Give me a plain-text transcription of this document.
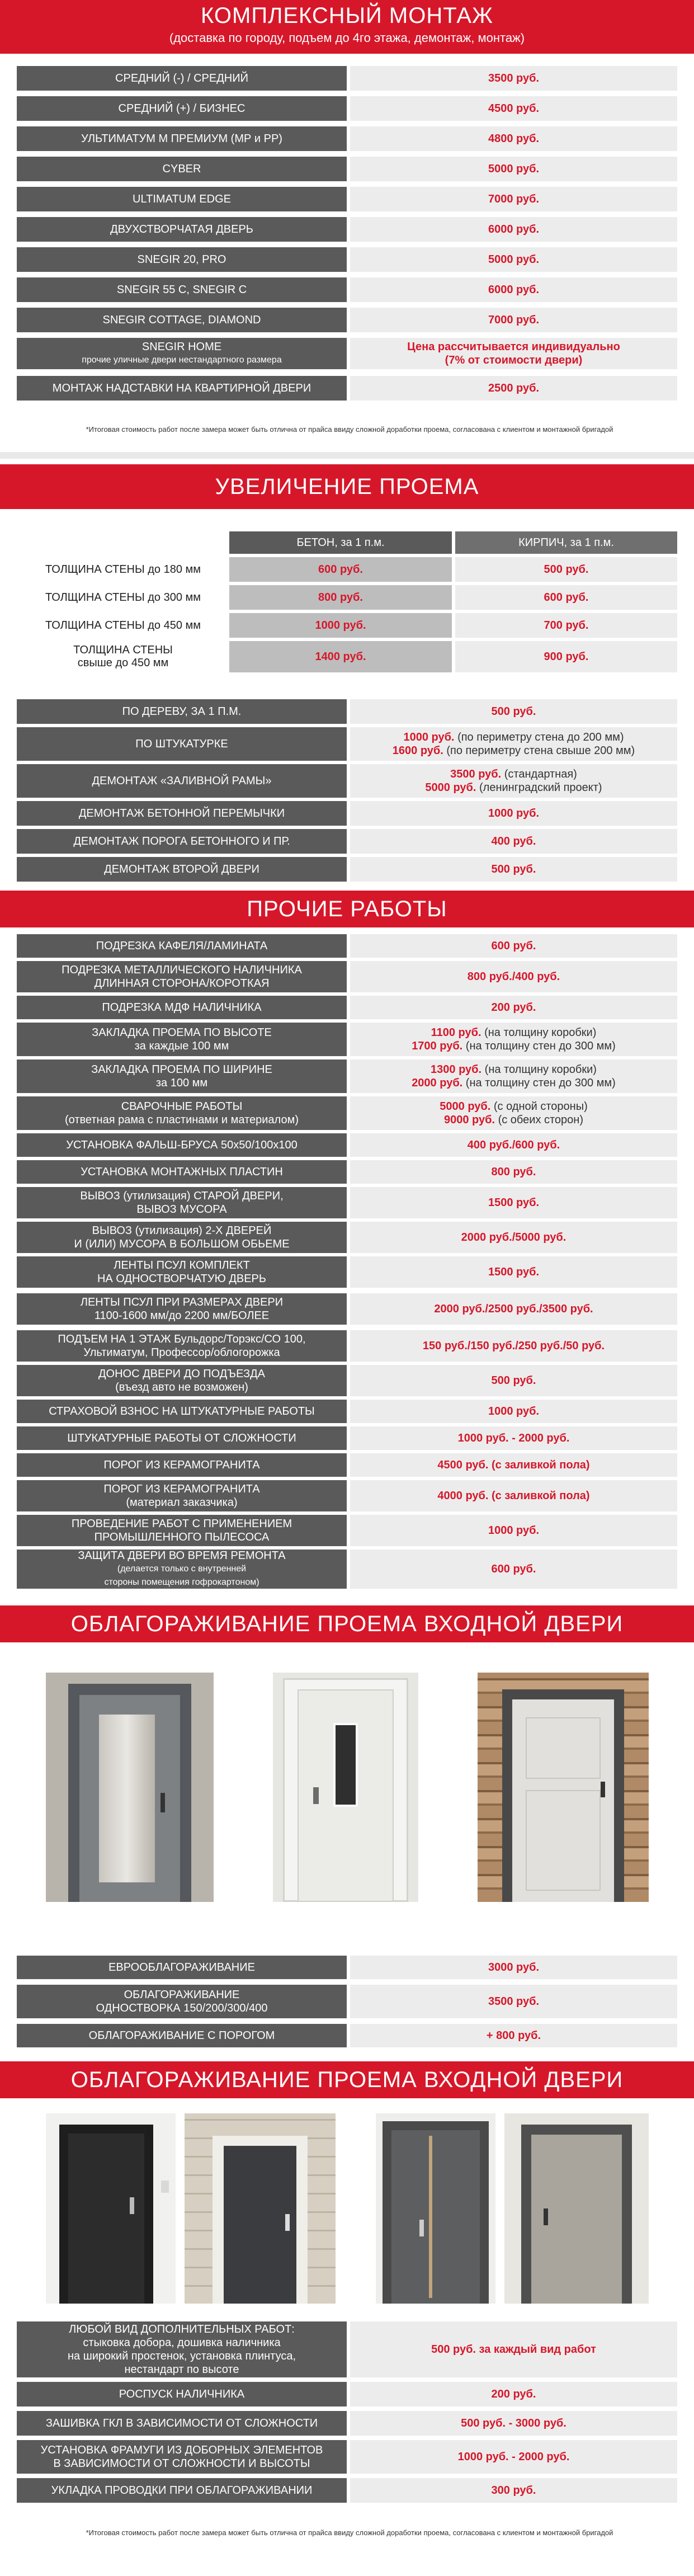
КОМПЛЕКСНЫЙ МОНТАЖ
(доставка по городу, подъем до 4го этажа, демонтаж, монтаж)
СРЕДНИЙ (-) / СРЕДНИЙ	3500 руб.
СРЕДНИЙ (+) / БИЗНЕС	4500 руб.
УЛЬТИМАТУМ М ПРЕМИУМ (МР и РР)	4800 руб.
CYBER	5000 руб.
ULTIMATUM EDGE	7000 руб.
ДВУХСТВОРЧАТАЯ ДВЕРЬ	6000 руб.
SNEGIR 20, PRO	5000 руб.
SNEGIR 55 C, SNEGIR C	6000 руб.
SNEGIR COTTAGE, DIAMOND	7000 руб.
SNEGIR HOME
прочие уличные двери нестандартного размера
Цена рассчитывается индивидуально
(7% от стоимости двери)
МОНТАЖ НАДСТАВКИ НА КВАРТИРНОЙ ДВЕРИ	2500 руб.
*Итоговая стоимость работ после замера может быть отлична от прайса ввиду сложной доработки проема, согласована с клиентом и монтажной бригадой
УВЕЛИЧЕНИЕ ПРОЕМА
БЕТОН, за 1 п.м.	КИРПИЧ, за 1 п.м.
ТОЛЩИНА СТЕНЫ до 180 мм	600 руб.	500 руб.
ТОЛЩИНА СТЕНЫ до 300 мм	800 руб.	600 руб.
ТОЛЩИНА СТЕНЫ до 450 мм	1000 руб.	700 руб.
ТОЛЩИНА СТЕНЫ
свыше до 450 мм
1400 руб.	900 руб.
ПО ДЕРЕВУ, ЗА 1 П.М.	500 руб.
ПО ШТУКАТУРКЕ
1000 руб. (по периметру стена до 200 мм)
1600 руб. (по периметру стена свыше 200 мм)
ДЕМОНТАЖ «ЗАЛИВНОЙ РАМЫ»
3500 руб. (стандартная)
5000 руб. (ленинградский проект)
ДЕМОНТАЖ БЕТОННОЙ ПЕРЕМЫЧКИ	1000 руб.
ДЕМОНТАЖ ПОРОГА БЕТОННОГО И ПР.	400 руб.
ДЕМОНТАЖ ВТОРОЙ ДВЕРИ	500 руб.
ПРОЧИЕ РАБОТЫ
ПОДРЕЗКА КАФЕЛЯ/ЛАМИНАТА	600 руб.
ПОДРЕЗКА МЕТАЛЛИЧЕСКОГО НАЛИЧНИКА
ДЛИННАЯ СТОРОНА/КОРОТКАЯ
800 руб./400 руб.
ПОДРЕЗКА МДФ НАЛИЧНИКА	200 руб.
ЗАКЛАДКА ПРОЕМА ПО ВЫСОТЕ
за каждые 100 мм
1100 руб. (на толщину коробки)
1700 руб. (на толщину стен до 300 мм)
ЗАКЛАДКА ПРОЕМА ПО ШИРИНЕ
за 100 мм
1300 руб. (на толщину коробки)
2000 руб. (на толщину стен до 300 мм)
СВАРОЧНЫЕ РАБОТЫ
(ответная рама с пластинами и материалом)
5000 руб. (с одной стороны)
9000 руб. (с обеих сторон)
УСТАНОВКА ФАЛЬШ-БРУСА 50х50/100х100	400 руб./600 руб.
УСТАНОВКА МОНТАЖНЫХ ПЛАСТИН	800 руб.
ВЫВОЗ (утилизация) СТАРОЙ ДВЕРИ,
ВЫВОЗ МУСОРА
1500 руб.
ВЫВОЗ (утилизация) 2-Х ДВЕРЕЙ
И (ИЛИ) МУСОРА В БОЛЬШОМ ОБЬЕМЕ
2000 руб./5000 руб.
ЛЕНТЫ ПСУЛ КОМПЛЕКТ
НА ОДНОСТВОРЧАТУЮ ДВЕРЬ
1500 руб.
ЛЕНТЫ ПСУЛ ПРИ РАЗМЕРАХ ДВЕРИ
1100-1600 мм/до 2200 мм/БОЛЕЕ
2000 руб./2500 руб./3500 руб.
ПОДЪЕМ НА 1 ЭТАЖ Бульдорс/Торэкс/СО 100,
Ультиматум, Профессор/облогорожка
150 руб./150 руб./250 руб./50 руб.
ДОНОС ДВЕРИ ДО ПОДЪЕЗДА
(въезд авто не возможен)
500 руб.
СТРАХОВОЙ ВЗНОС НА ШТУКАТУРНЫЕ РАБОТЫ	1000 руб.
ШТУКАТУРНЫЕ РАБОТЫ ОТ СЛОЖНОСТИ	1000 руб. - 2000 руб.
ПОРОГ ИЗ КЕРАМОГРАНИТА	4500 руб. (с заливкой пола)
ПОРОГ ИЗ КЕРАМОГРАНИТА
(материал заказчика)
4000 руб. (с заливкой пола)
ПРОВЕДЕНИЕ РАБОТ С ПРИМЕНЕНИЕМ
ПРОМЫШЛЕННОГО ПЫЛЕСОСА
1000 руб.
ЗАЩИТА ДВЕРИ ВО ВРЕМЯ РЕМОНТА
(делается только с внутренней
стороны помещения гофрокартоном)
600 руб.
ОБЛАГОРАЖИВАНИЕ ПРОЕМА ВХОДНОЙ ДВЕРИ
ЕВРООБЛАГОРАЖИВАНИЕ	3000 руб.
ОБЛАГОРАЖИВАНИЕ
ОДНОСТВОРКА 150/200/300/400
3500 руб.
ОБЛАГОРАЖИВАНИЕ С ПОРОГОМ	+ 800 руб.
ОБЛАГОРАЖИВАНИЕ ПРОЕМА ВХОДНОЙ ДВЕРИ
ЛЮБОЙ ВИД ДОПОЛНИТЕЛЬНЫХ РАБОТ:
стыковка добора, дошивка наличника
на широкий простенок, установка плинтуса,
нестандарт по высоте
500 руб. за каждый вид работ
РОСПУСК НАЛИЧНИКА	200 руб.
ЗАШИВКА ГКЛ В ЗАВИСИМОСТИ ОТ СЛОЖНОСТИ	500 руб. - 3000 руб.
УСТАНОВКА ФРАМУГИ ИЗ ДОБОРНЫХ ЭЛЕМЕНТОВ
В ЗАВИСИМОСТИ ОТ СЛОЖНОСТИ И ВЫСОТЫ
1000 руб. - 2000 руб.
УКЛАДКА ПРОВОДКИ ПРИ ОБЛАГОРАЖИВАНИИ	300 руб.
*Итоговая стоимость работ после замера может быть отлична от прайса ввиду сложной доработки проема, согласована с клиентом и монтажной бригадой
